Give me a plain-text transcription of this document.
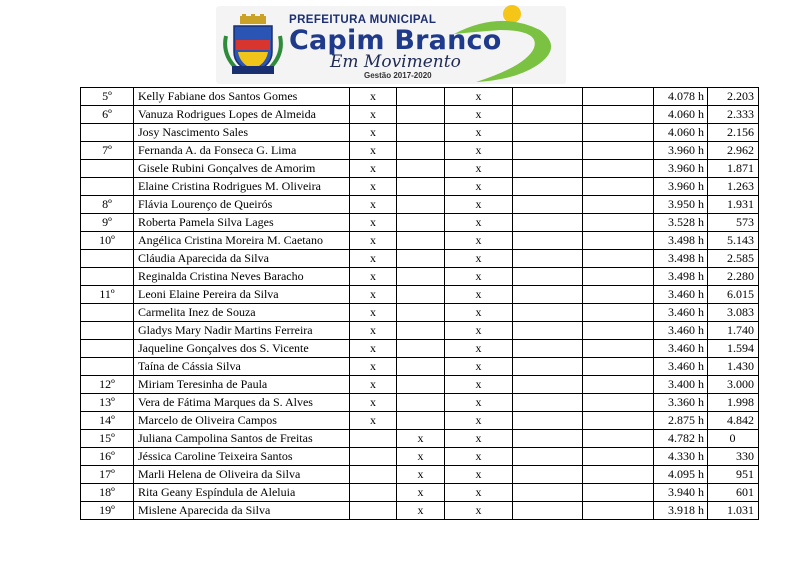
PREFEITURA MUNICIPAL
Capim Branco
Em Movimento
Gestão 2017-2020
5º	Kelly Fabiane dos Santos Gomes	x		x			4.078 h	2.203
6º	Vanuza Rodrigues Lopes de Almeida	x		x			4.060 h	2.333
	Josy Nascimento Sales	x		x			4.060 h	2.156
7º	Fernanda A. da Fonseca G. Lima	x		x			3.960 h	2.962
	Gisele Rubini Gonçalves de Amorim	x		x			3.960 h	1.871
	Elaine Cristina Rodrigues M. Oliveira	x		x			3.960 h	1.263
8º	Flávia Lourenço de Queirós	x		x			3.950 h	1.931
9º	Roberta Pamela Silva Lages	x		x			3.528 h	573
10º	Angélica Cristina Moreira M. Caetano	x		x			3.498 h	5.143
	Cláudia Aparecida da Silva	x		x			3.498 h	2.585
	Reginalda Cristina Neves Baracho	x		x			3.498 h	2.280
11º	Leoni Elaine Pereira da Silva	x		x			3.460 h	6.015
	Carmelita Inez de Souza	x		x			3.460 h	3.083
	Gladys Mary Nadir Martins Ferreira	x		x			3.460 h	1.740
	Jaqueline Gonçalves dos S. Vicente	x		x			3.460 h	1.594
	Taína de Cássia Silva	x		x			3.460 h	1.430
12º	Miriam Teresinha de Paula	x		x			3.400 h	3.000
13º	Vera de Fátima Marques da S. Alves	x		x			3.360 h	1.998
14º	Marcelo de Oliveira Campos	x		x			2.875 h	4.842
15º	Juliana Campolina Santos de Freitas		x	x			4.782 h	0
16º	Jéssica Caroline Teixeira Santos		x	x			4.330 h	330
17º	Marli Helena de Oliveira da Silva		x	x			4.095 h	951
18º	Rita Geany Espíndula de Aleluia		x	x			3.940 h	601
19º	Mislene Aparecida da Silva		x	x			3.918 h	1.031
